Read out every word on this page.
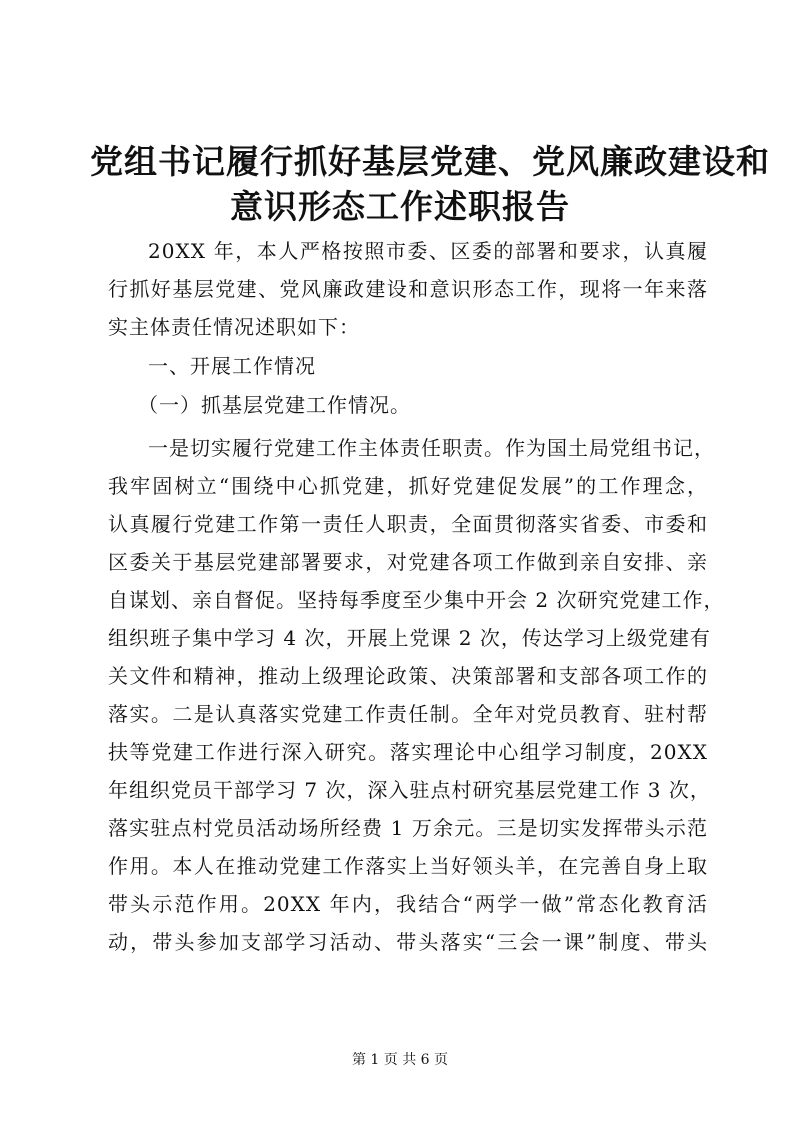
党组书记履行抓好基层党建、党风廉政建设和
意识形态工作述职报告
20XX 年，本人严格按照市委、区委的部署和要求，认真履
行抓好基层党建、党风廉政建设和意识形态工作，现将一年来落
实主体责任情况述职如下：
一、开展工作情况
（一）抓基层党建工作情况。
一是切实履行党建工作主体责任职责。作为国土局党组书记，
我牢固树立“围绕中心抓党建，抓好党建促发展”的工作理念，
认真履行党建工作第一责任人职责，全面贯彻落实省委、市委和
区委关于基层党建部署要求，对党建各项工作做到亲自安排、亲
自谋划、亲自督促。坚持每季度至少集中开会 2 次研究党建工作，
组织班子集中学习 4 次，开展上党课 2 次，传达学习上级党建有
关文件和精神，推动上级理论政策、决策部署和支部各项工作的
落实。二是认真落实党建工作责任制。全年对党员教育、驻村帮
扶等党建工作进行深入研究。落实理论中心组学习制度，20XX
年组织党员干部学习 7 次，深入驻点村研究基层党建工作 3 次，
落实驻点村党员活动场所经费 1 万余元。三是切实发挥带头示范
作用。本人在推动党建工作落实上当好领头羊，在完善自身上取
带头示范作用。20XX 年内，我结合“两学一做”常态化教育活
动，带头参加支部学习活动、带头落实“三会一课”制度、带头
第 1 页 共 6 页
